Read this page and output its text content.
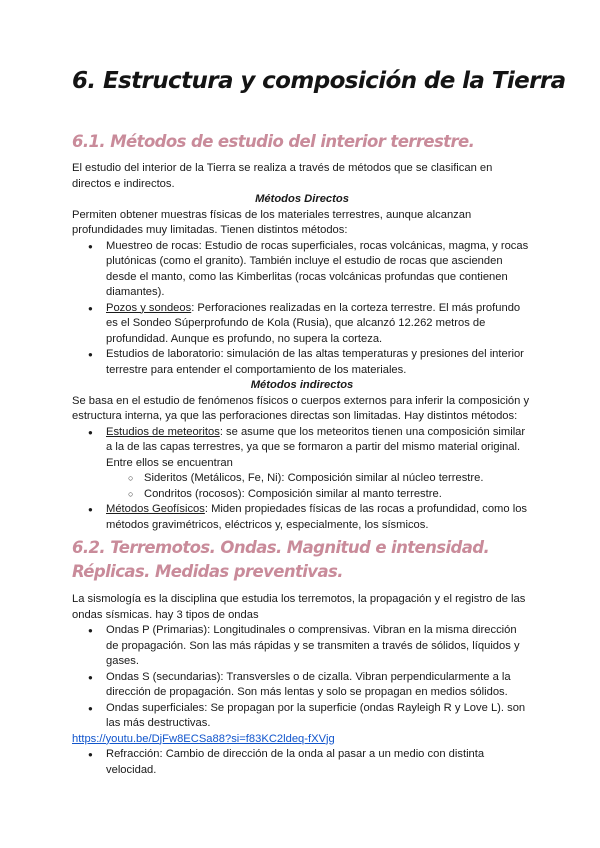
6. Estructura y composición de la Tierra
6.1. Métodos de estudio del interior terrestre.

El estudio del interior de la Tierra se realiza a través de métodos que se clasifican en directos e indirectos.

Métodos Directos

Permiten obtener muestras físicas de los materiales terrestres, aunque alcanzan profundidades muy limitadas. Tienen distintos métodos:

● Muestreo de rocas: Estudio de rocas superficiales, rocas volcánicas, magma, y rocas plutónicas (como el granito). También incluye el estudio de rocas que ascienden desde el manto, como las Kimberlitas (rocas volcánicas profundas que contienen diamantes).
● Pozos y sondeos: Perforaciones realizadas en la corteza terrestre. El más profundo es el Sondeo Súperprofundo de Kola (Rusia), que alcanzó 12.262 metros de profundidad. Aunque es profundo, no supera la corteza.
● Estudios de laboratorio: simulación de las altas temperaturas y presiones del interior terrestre para entender el comportamiento de los materiales.

Métodos indirectos

Se basa en el estudio de fenómenos físicos o cuerpos externos para inferir la composición y estructura interna, ya que las perforaciones directas son limitadas. Hay distintos métodos:

● Estudios de meteoritos: se asume que los meteoritos tienen una composición similar a la de las capas terrestres, ya que se formaron a partir del mismo material original. Entre ellos se encuentran
○ Sideritos (Metálicos, Fe, Ni): Composición similar al núcleo terrestre.
○ Condritos (rocosos): Composición similar al manto terrestre.
● Métodos Geofísicos: Miden propiedades físicas de las rocas a profundidad, como los métodos gravimétricos, eléctricos y, especialmente, los sísmicos.
6.2. Terremotos. Ondas. Magnitud e intensidad. Réplicas. Medidas preventivas.

La sismología es la disciplina que estudia los terremotos, la propagación y el registro de las ondas sísmicas. hay 3 tipos de ondas

● Ondas P (Primarias): Longitudinales o comprensivas. Vibran en la misma dirección de propagación. Son las más rápidas y se transmiten a través de sólidos, líquidos y gases.
● Ondas S (secundarias): Transversles o de cizalla. Vibran perpendicularmente a la dirección de propagación. Son más lentas y solo se propagan en medios sólidos.
● Ondas superficiales: Se propagan por la superficie (ondas Rayleigh R y Love L). son las más destructivas.

https://youtu.be/DjFw8ECSa88?si=f83KC2ldeq-fXVjg

● Refracción: Cambio de dirección de la onda al pasar a un medio con distinta velocidad.
